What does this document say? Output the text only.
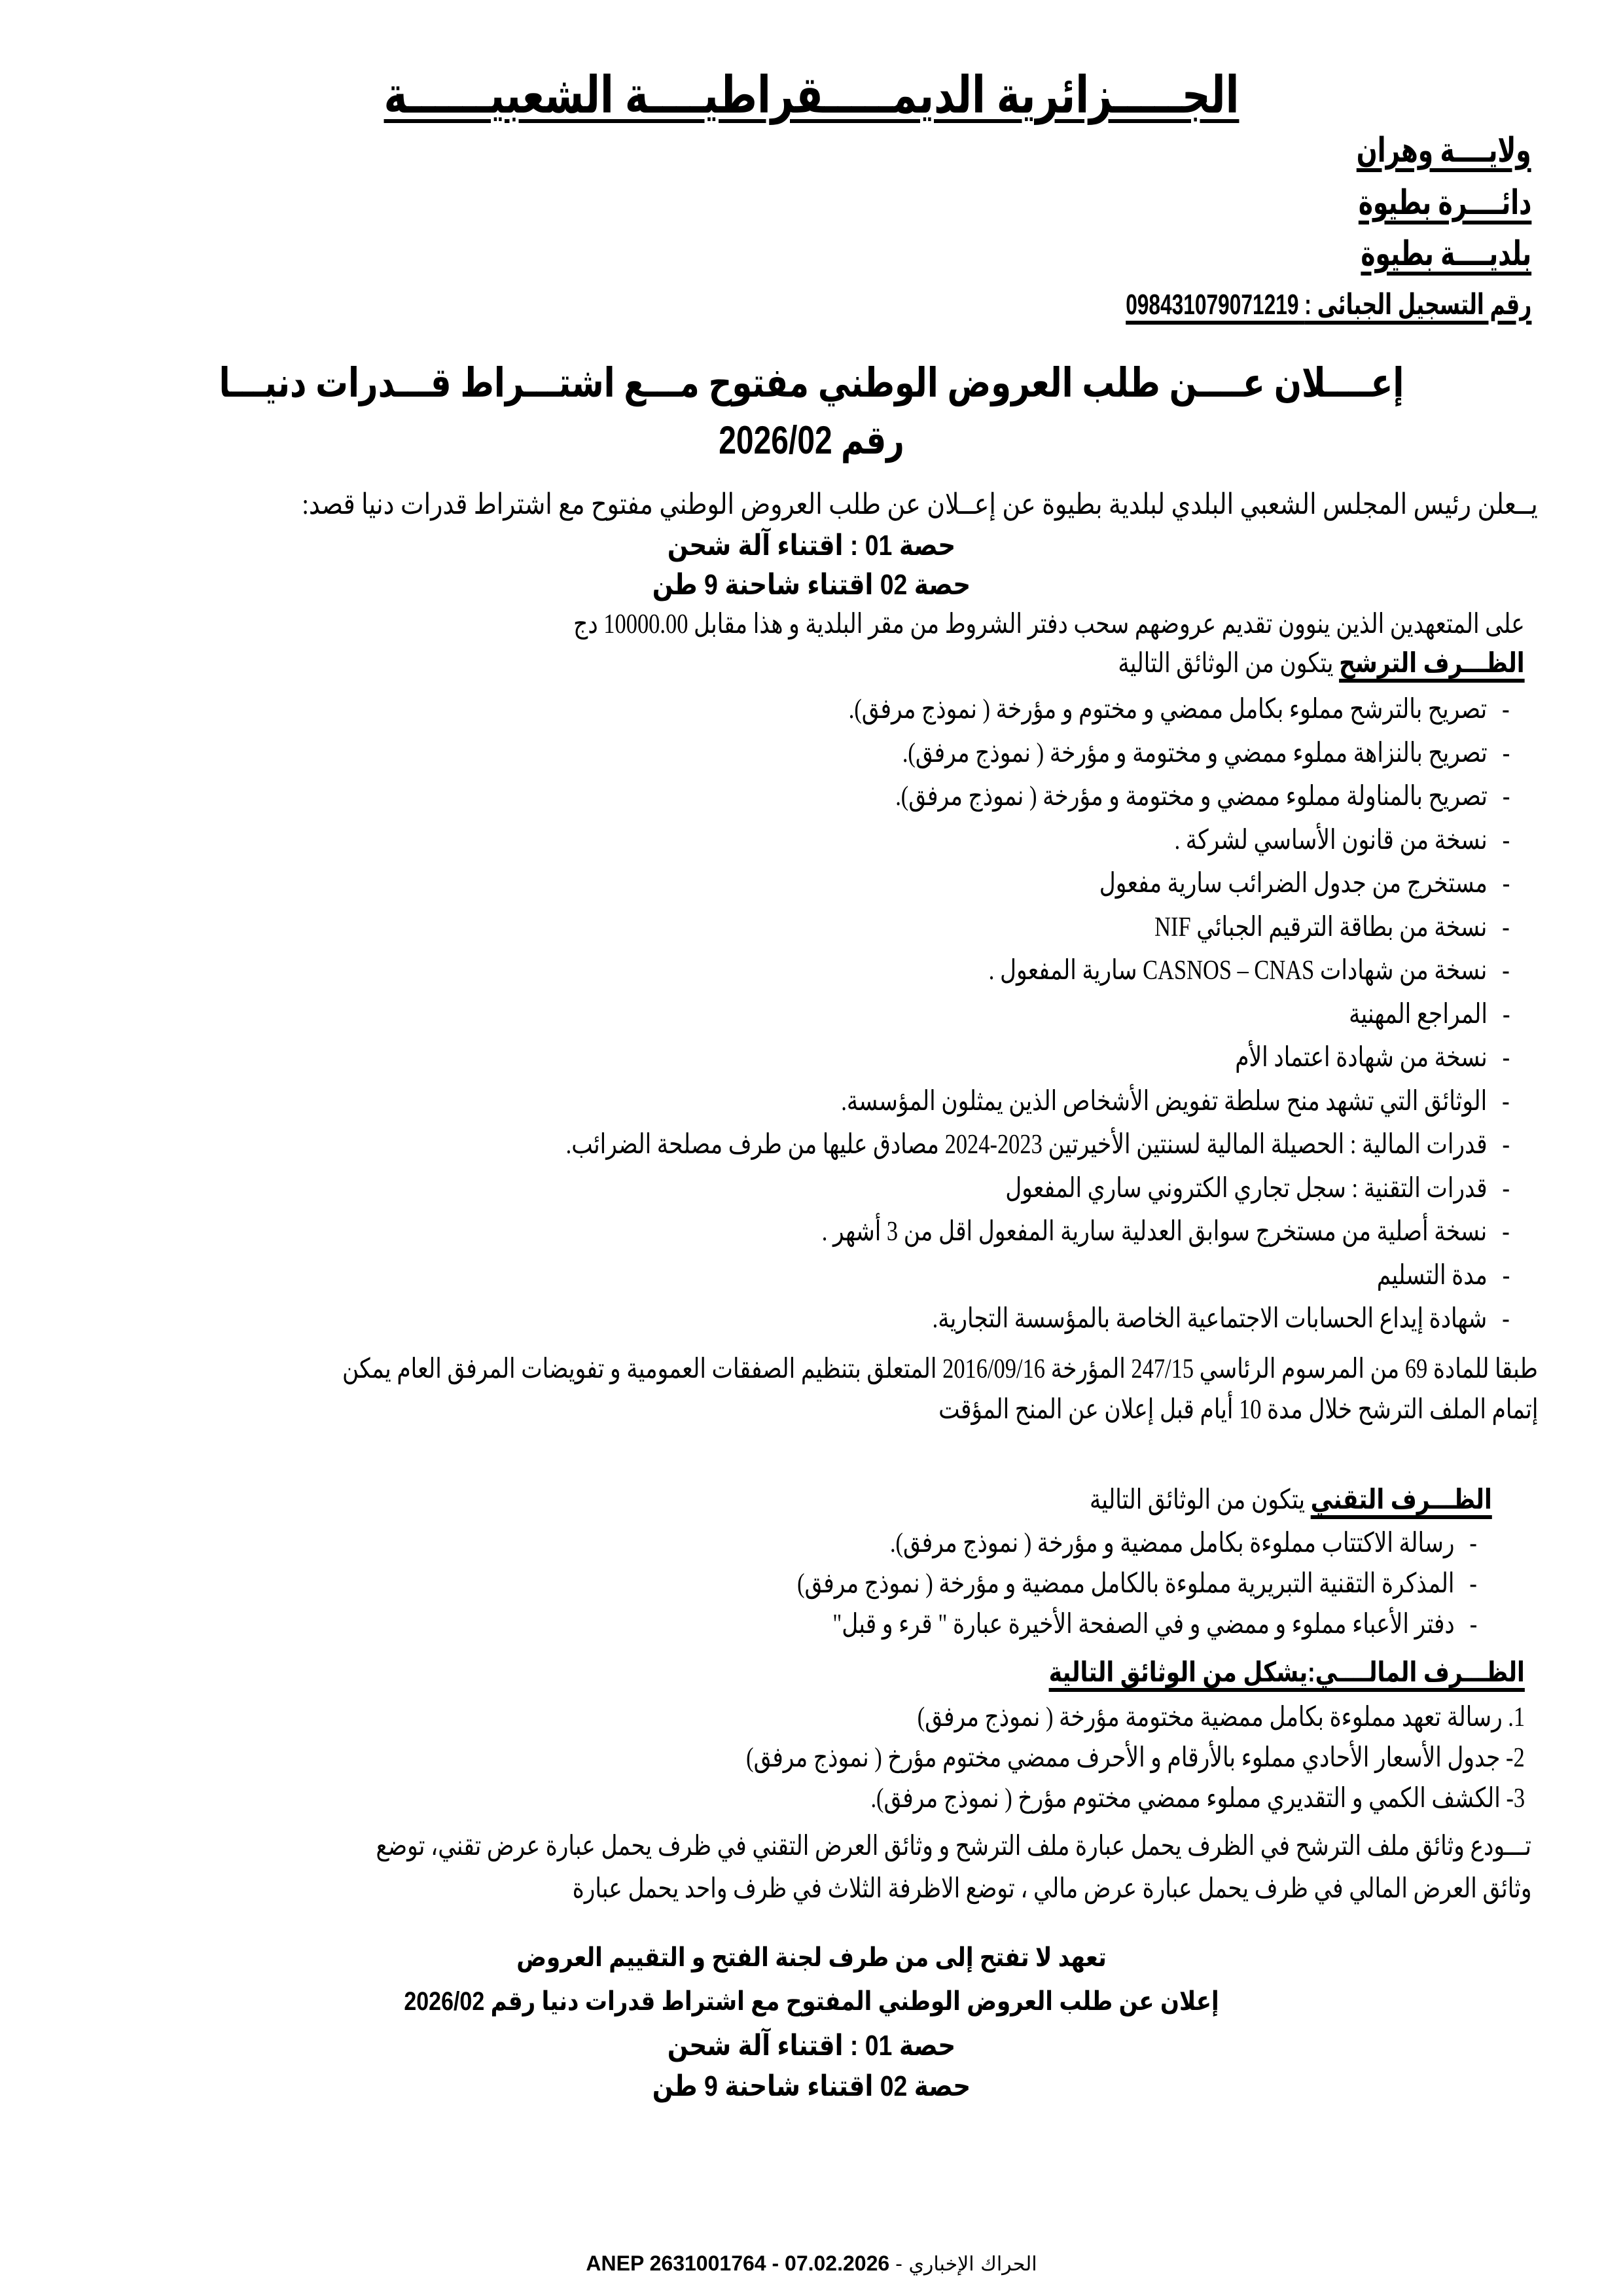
الجـــــزائرية الديمـــــقراطيــــة الشعبيــــــة
ولايــــة وهران
دائــــرة بطيوة
بلديــــة بطيوة
رقم التسجيل الجبائى : 09843107907121​9
إعــــلان عــــن طلب العروض الوطني مفتوح مـــع اشتـــراط قـــدرات دنيـــا
رقم 2026/02
يــعلن رئيس المجلس الشعبي البلدي لبلدية بطيوة عن إعــلان عن طلب العروض الوطني مفتوح مع اشتراط قدرات دنيا قصد:
حصة 01 : اقتناء آلة شحن
حصة 02 اقتناء شاحنة 9 طن
على المتعهدين الذين ينوون تقديم عروضهم سحب دفتر الشروط من مقر البلدية و هذا مقابل 10000.00 دج
الظـــرف الترشح يتكون من الوثائق التالية
-تصريح بالترشح مملوء بكامل ممضي و مختوم و مؤرخة ( نموذج مرفق).
-تصريح بالنزاهة مملوء ممضي و مختومة و مؤرخة ( نموذج مرفق).
-تصريح بالمناولة مملوء ممضي و مختومة و مؤرخة ( نموذج مرفق).
-نسخة من قانون الأساسي لشركة .
-مستخرج من جدول الضرائب سارية مفعول
-نسخة من بطاقة الترقيم الجبائي NIF
-نسخة من شهادات CASNOS – CNAS سارية المفعول .
-المراجع المهنية
-نسخة من شهادة اعتماد الأم
-الوثائق التي تشهد منح سلطة تفويض الأشخاص الذين يمثلون المؤسسة.
-قدرات المالية : الحصيلة المالية لسنتين الأخيرتين 2023-2024 مصادق عليها من طرف مصلحة الضرائب.
-قدرات التقنية : سجل تجاري الكتروني ساري المفعول
-نسخة أصلية من مستخرج سوابق العدلية سارية المفعول اقل من 3 أشهر .
-مدة التسليم
-شهادة إيداع الحسابات الاجتماعية الخاصة بالمؤسسة التجارية.
طبقا للمادة 69 من المرسوم الرئاسي 247/15 المؤرخة 2016/09/16 المتعلق بتنظيم الصفقات العمومية و تفويضات المرفق العام يمكن
إتمام الملف الترشح خلال مدة 10 أيام قبل إعلان عن المنح المؤقت
الظـــرف التقني يتكون من الوثائق التالية
-رسالة الاكتتاب مملوءة بكامل ممضية و مؤرخة ( نموذج مرفق).
-المذكرة التقنية التبريرية مملوءة بالكامل ممضية و مؤرخة ( نموذج مرفق)
-دفتر الأعباء مملوء و ممضي و في الصفحة الأخيرة عبارة " قرء و قبل"
الظـــرف المالــــي:يشكل من الوثائق التالية
1. رسالة تعهد مملوءة بكامل ممضية مختومة مؤرخة ( نموذج مرفق)
2- جدول الأسعار الأحادي مملوء بالأرقام و الأحرف ممضي مختوم مؤرخ ( نموذج مرفق)
3- الكشف الكمي و التقديري مملوء ممضي مختوم مؤرخ ( نموذج مرفق).
تـــودع وثائق ملف الترشح في الظرف يحمل عبارة ملف الترشح و وثائق العرض التقني في ظرف يحمل عبارة عرض تقني، توضع
وثائق العرض المالي في ظرف يحمل عبارة عرض مالي ، توضع الاظرفة الثلاث في ظرف واحد يحمل عبارة
تعهد لا تفتح إلى من طرف لجنة الفتح و التقييم العروض
إعلان عن طلب العروض الوطني المفتوح مع اشتراط قدرات دنيا رقم 2026/02
حصة 01 : اقتناء آلة شحن
حصة 02 اقتناء شاحنة 9 طن
ANEP 2631001764 - 07.02.2026 - الحراك الإخباري
